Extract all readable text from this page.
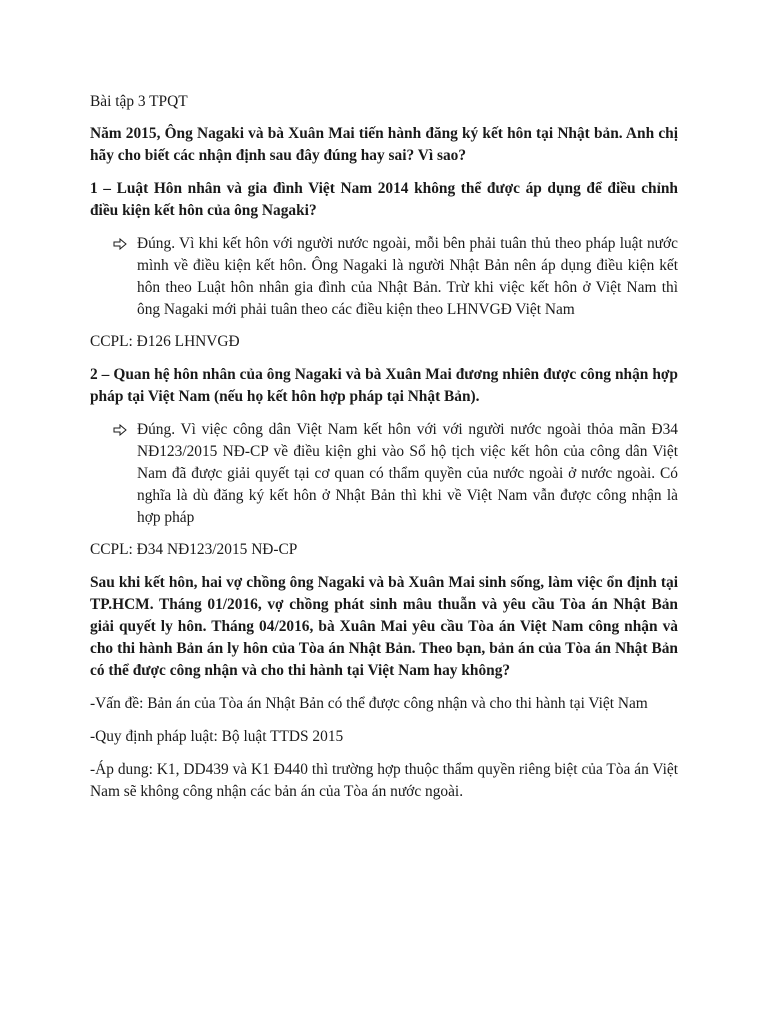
Bài tập 3 TPQT

Năm 2015, Ông Nagaki và bà Xuân Mai tiến hành đăng ký kết hôn tại Nhật bản. Anh chị hãy cho biết các nhận định sau đây đúng hay sai? Vì sao?

1 – Luật Hôn nhân và gia đình Việt Nam 2014 không thể được áp dụng để điều chỉnh điều kiện kết hôn của ông Nagaki?

Đúng. Vì khi kết hôn với người nước ngoài, mỗi bên phải tuân thủ theo pháp luật nước mình về điều kiện kết hôn. Ông Nagaki là người Nhật Bản nên áp dụng điều kiện kết hôn theo Luật hôn nhân gia đình của Nhật Bản. Trừ khi việc kết hôn ở Việt Nam thì ông Nagaki mới phải tuân theo các điều kiện theo LHNVGĐ Việt Nam

CCPL: Đ126 LHNVGĐ

2 – Quan hệ hôn nhân của ông Nagaki và bà Xuân Mai đương nhiên được công nhận hợp pháp tại Việt Nam (nếu họ kết hôn hợp pháp tại Nhật Bản).

Đúng. Vì việc công dân Việt Nam kết hôn với với người nước ngoài thỏa mãn Đ34 NĐ123/2015 NĐ-CP về điều kiện ghi vào Sổ hộ tịch việc kết hôn của công dân Việt Nam đã được giải quyết tại cơ quan có thẩm quyền của nước ngoài ở nước ngoài. Có nghĩa là dù đăng ký kết hôn ở Nhật Bản thì khi về Việt Nam vẫn được công nhận là hợp pháp

CCPL: Đ34 NĐ123/2015 NĐ-CP

Sau khi kết hôn, hai vợ chồng ông Nagaki và bà Xuân Mai sinh sống, làm việc ổn định tại TP.HCM. Tháng 01/2016, vợ chồng phát sinh mâu thuẫn và yêu cầu Tòa án Nhật Bản giải quyết ly hôn. Tháng 04/2016, bà Xuân Mai yêu cầu Tòa án Việt Nam công nhận và cho thi hành Bản án ly hôn của Tòa án Nhật Bản. Theo bạn, bản án của Tòa án Nhật Bản có thể được công nhận và cho thi hành tại Việt Nam hay không?

-Vấn đề: Bản án của Tòa án Nhật Bản có thể được công nhận và cho thi hành tại Việt Nam

-Quy định pháp luật: Bộ luật TTDS 2015

-Áp dung: K1, DD439 và K1 Đ440 thì trường hợp thuộc thẩm quyền riêng biệt của Tòa án Việt Nam sẽ không công nhận các bản án của Tòa án nước ngoài.
